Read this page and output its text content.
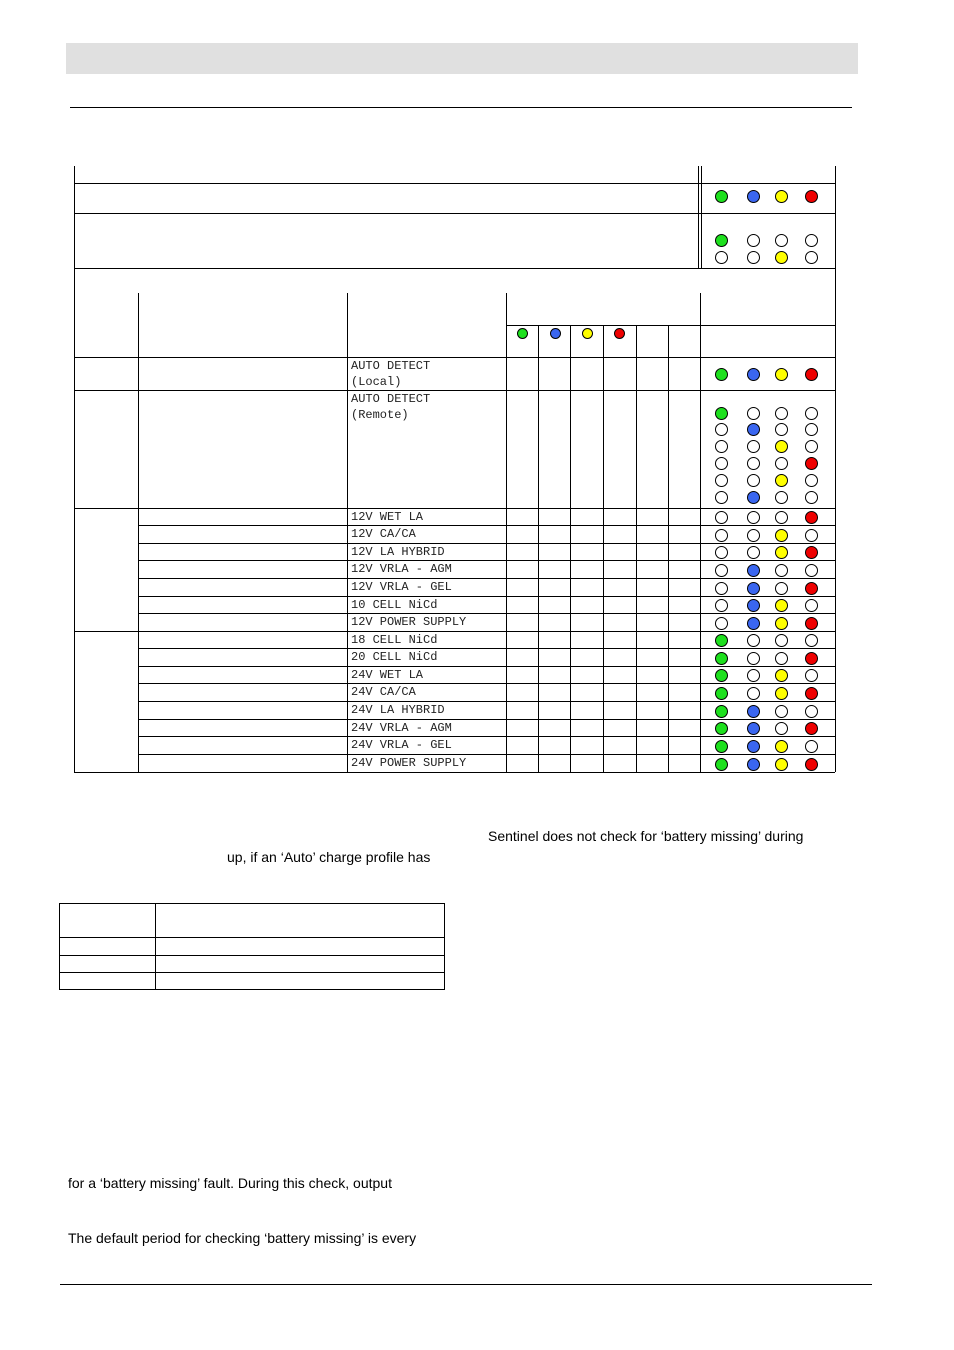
AUTO DETECT
(Local)
AUTO DETECT
(Remote)
12V WET LA
12V CA/CA
12V LA HYBRID
12V VRLA - AGM
12V VRLA - GEL
10 CELL NiCd
12V POWER SUPPLY
18 CELL NiCd
20 CELL NiCd
24V WET LA
24V CA/CA
24V LA HYBRID
24V VRLA - AGM
24V VRLA - GEL
24V POWER SUPPLY
Sentinel does not check for ‘battery missing’ during
up, if an ‘Auto’ charge profile has
for a ‘battery missing’ fault. During this check, output
The default period for checking ‘battery missing’ is every
